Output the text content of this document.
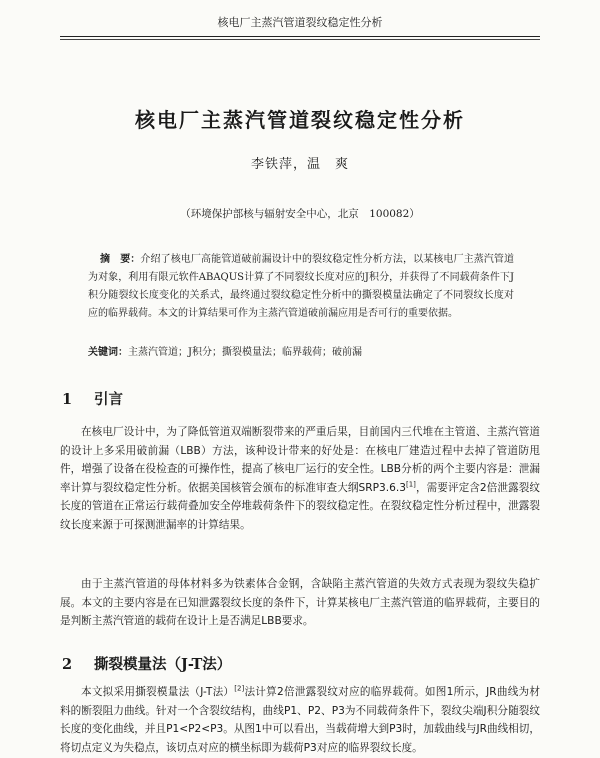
核电厂主蒸汽管道裂纹稳定性分析
核电厂主蒸汽管道裂纹稳定性分析
李铁萍，温　爽
（环境保护部核与辐射安全中心，北京　100082）
摘　要：介绍了核电厂高能管道破前漏设计中的裂纹稳定性分析方法，以某核电厂主蒸汽管道为对象，利用有限元软件ABAQUS计算了不同裂纹长度对应的J积分，并获得了不同载荷条件下J积分随裂纹长度变化的关系式，最终通过裂纹稳定性分析中的撕裂模量法确定了不同裂纹长度对应的临界载荷。本文的计算结果可作为主蒸汽管道破前漏应用是否可行的重要依据。
关键词：主蒸汽管道；J积分；撕裂模量法；临界载荷；破前漏
1 引言
在核电厂设计中，为了降低管道双端断裂带来的严重后果，目前国内三代堆在主管道、主蒸汽管道的设计上多采用破前漏（LBB）方法，该种设计带来的好处是：在核电厂建造过程中去掉了管道防甩件，增强了设备在役检查的可操作性，提高了核电厂运行的安全性。LBB分析的两个主要内容是：泄漏率计算与裂纹稳定性分析。依据美国核管会颁布的标准审查大纲SRP3.6.3[1]，需要评定含2倍泄露裂纹长度的管道在正常运行载荷叠加安全停堆载荷条件下的裂纹稳定性。在裂纹稳定性分析过程中，泄露裂纹长度来源于可探测泄漏率的计算结果。
由于主蒸汽管道的母体材料多为铁素体合金钢，含缺陷主蒸汽管道的失效方式表现为裂纹失稳扩展。本文的主要内容是在已知泄露裂纹长度的条件下，计算某核电厂主蒸汽管道的临界载荷，主要目的是判断主蒸汽管道的载荷在设计上是否满足LBB要求。
2 撕裂模量法（J-T法）
本文拟采用撕裂模量法（J-T法）[2]法计算2倍泄露裂纹对应的临界载荷。如图1所示，JR曲线为材料的断裂阻力曲线。针对一个含裂纹结构，曲线P1、P2、P3为不同载荷条件下，裂纹尖端J积分随裂纹长度的变化曲线，并且P1<P2<P3。从图1中可以看出，当载荷增大到P3时，加载曲线与JR曲线相切，将切点定义为失稳点，该切点对应的横坐标即为载荷P3对应的临界裂纹长度。
